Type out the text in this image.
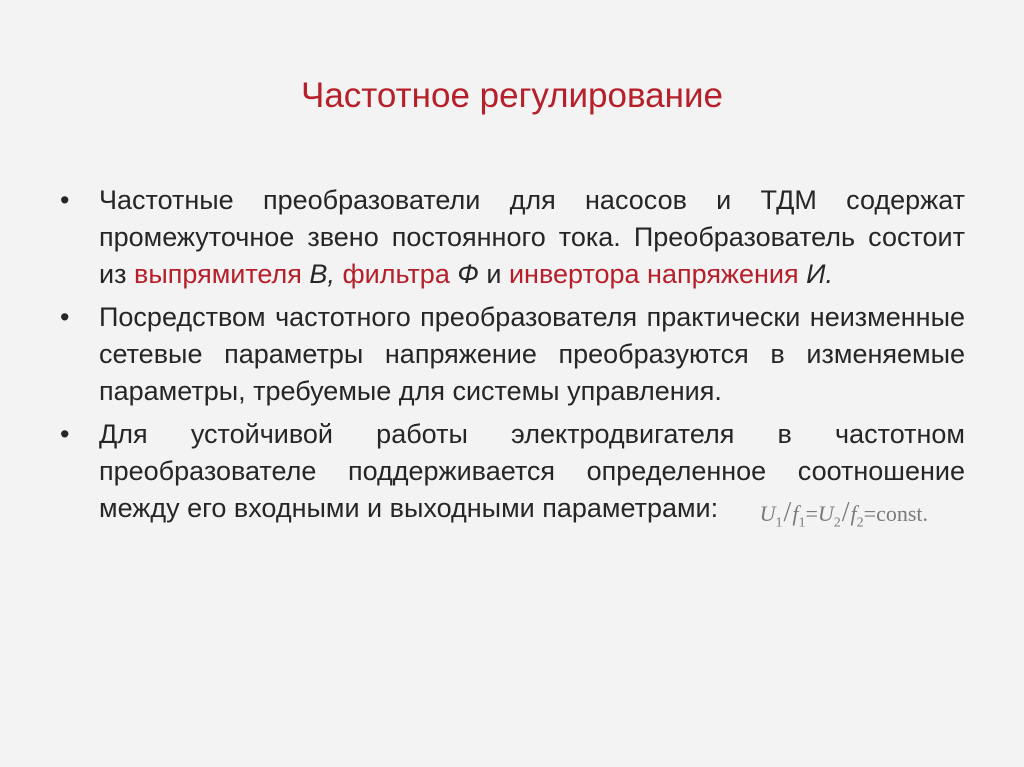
Частотное регулирование
•	Частотные преобразователи для насосов и ТДМ содержат промежуточное звено постоянного тока. Преобразователь состоит из выпрямителя В, фильтра Ф и инвертора напряжения И.
•	Посредством частотного преобразователя практически неизменные сетевые параметры напряжение преобразуются в изменяемые параметры, требуемые для системы управления.
•	Для устойчивой работы электродвигателя в частотном преобразователе поддерживается определенное соотношение между его входными и выходными параметрами: $U_1/f_1=U_2/f_2=const$.
